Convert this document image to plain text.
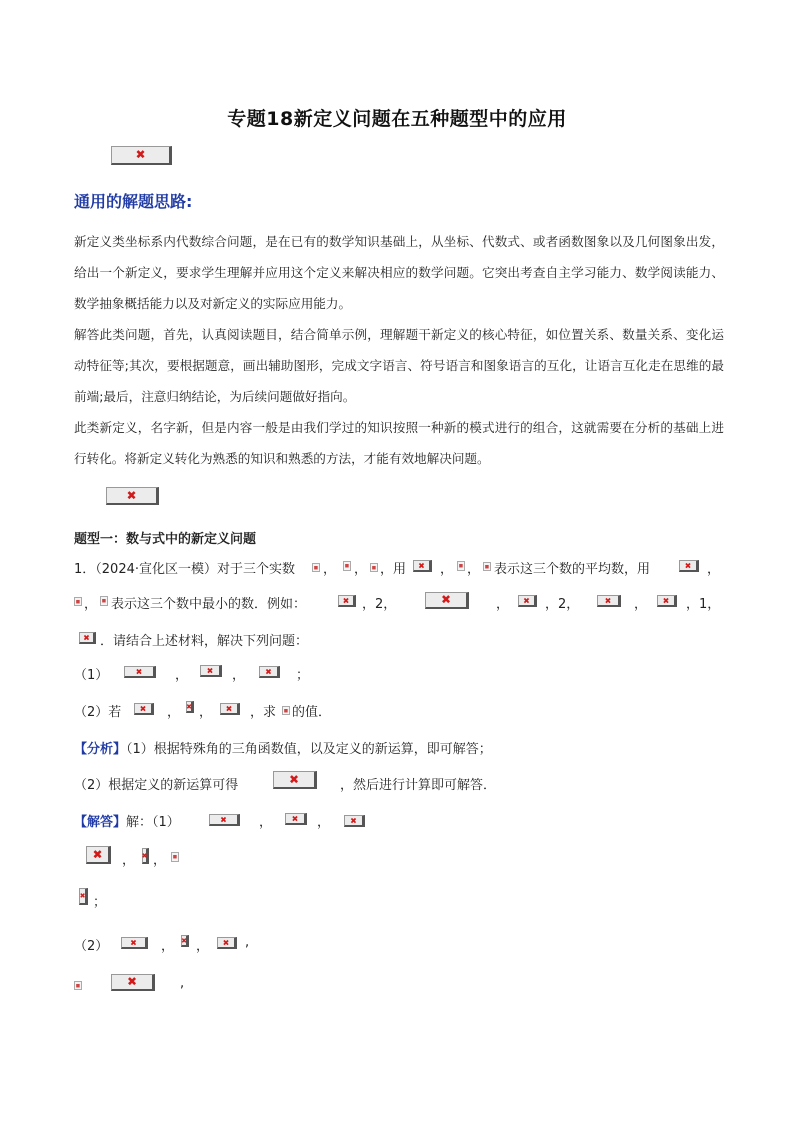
专题18新定义问题在五种题型中的应用
✖
通用的解题思路:
新定义类坐标系内代数综合问题，是在已有的数学知识基础上，从坐标、代数式、或者函数图象以及几何图象出发，给出一个新定义，要求学生理解并应用这个定义来解决相应的数学问题。它突出考查自主学习能力、数学阅读能力、数学抽象概括能力以及对新定义的实际应用能力。
解答此类问题，首先，认真阅读题目，结合简单示例，理解题干新定义的核心特征，如位置关系、数量关系、变化运动特征等;其次，要根据题意，画出辅助图形，完成文字语言、符号语言和图象语言的互化，让语言互化走在思维的最前端;最后，注意归纳结论，为后续问题做好指向。
此类新定义，名字新，但是内容一般是由我们学过的知识按照一种新的模式进行的组合，这就需要在分析的基础上进行转化。将新定义转化为熟悉的知识和熟悉的方法，才能有效地解决问题。
✖
题型一：数与式中的新定义问题
1．（2024·宣化区一模）对于三个实数 ▪ ， ▪ ， ▪ ，用 ✖	， ▪ ， ▪ 表示这三个数的平均数，用 ✖	，
▪
， ▪ 表示这三个数中最小的数．例如： ✖	，2， ✖	， ✖	，2， ✖	， ✖	，1，
✖
．请结合上述材料，解决下列问题：
（1） ✖	， ✖	， ✖	；
（2）若 ✖	， ✖ ， ✖	，求 ▪ 的值．
【分析】（1）根据特殊角的三角函数值，以及定义的新运算，即可解答；
（2）根据定义的新运算可得 ✖	，然后进行计算即可解答．
【解答】解：（1） ✖	， ✖	，
✖
✖
， ✖ ，
▪
✖
；
（2） ✖	， ✖ ， ✖	,
▪
✖
,
